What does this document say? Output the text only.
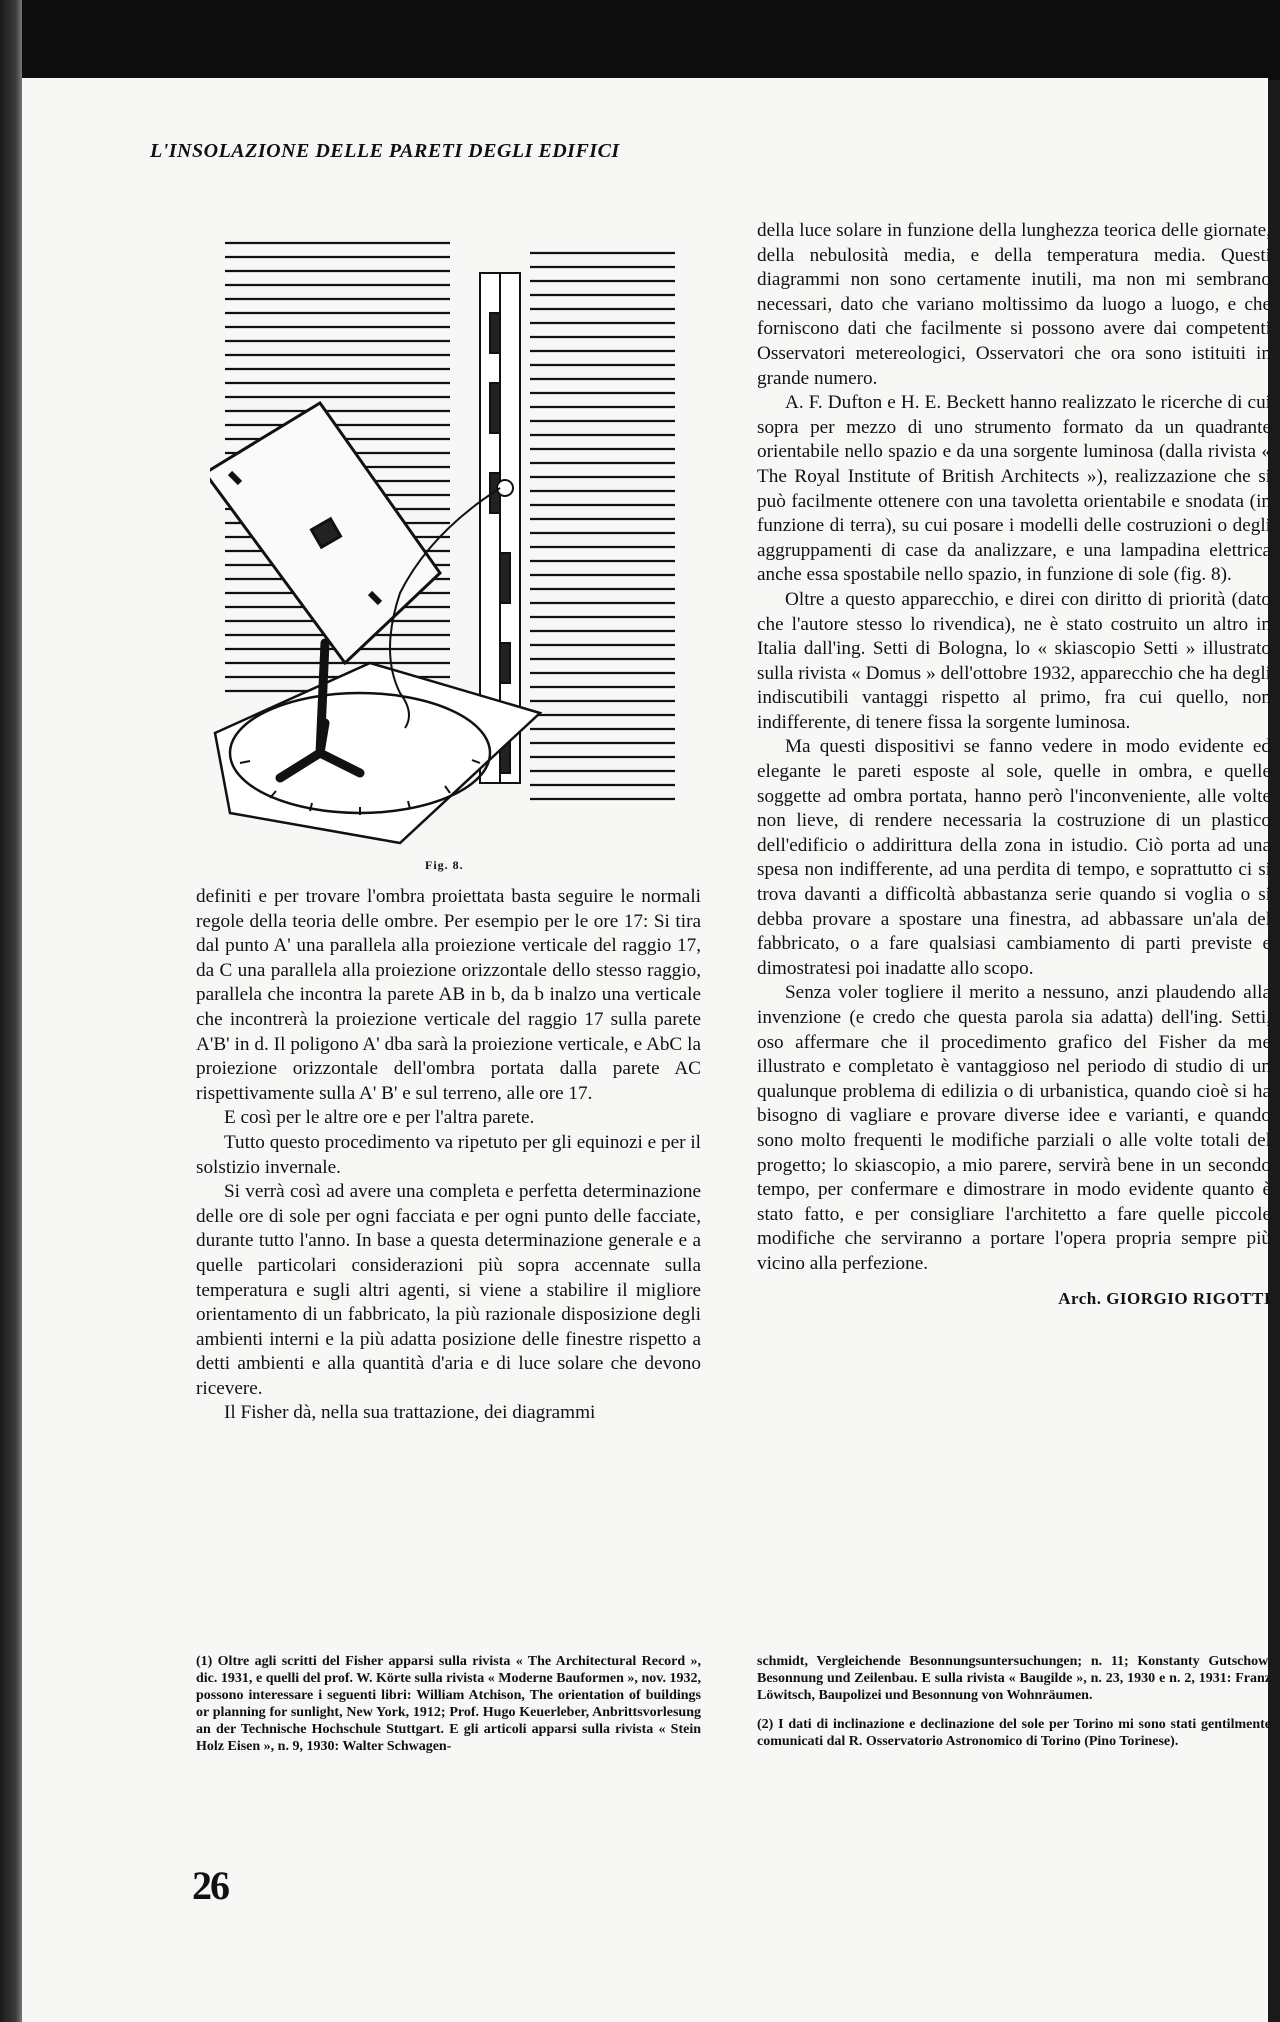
L'INSOLAZIONE DELLE PARETI DEGLI EDIFICI
Fig. 8.

definiti e per trovare l'ombra proiettata basta seguire le normali regole della teoria delle ombre. Per esempio per le ore 17: Si tira dal punto A' una parallela alla proiezione verticale del raggio 17, da C una parallela alla proiezione orizzontale dello stesso raggio, parallela che incontra la parete AB in b, da b inalzo una verticale che incontrerà la proiezione verticale del raggio 17 sulla parete A'B' in d. Il poligono A' dba sarà la proiezione verticale, e AbC la proiezione orizzontale dell'ombra portata dalla parete AC rispettivamente sulla A' B' e sul terreno, alle ore 17.

E così per le altre ore e per l'altra parete.

Tutto questo procedimento va ripetuto per gli equinozi e per il solstizio invernale.

Si verrà così ad avere una completa e perfetta determinazione delle ore di sole per ogni facciata e per ogni punto delle facciate, durante tutto l'anno. In base a questa determinazione generale e a quelle particolari considerazioni più sopra accennate sulla temperatura e sugli altri agenti, si viene a stabilire il migliore orientamento di un fabbricato, la più razionale disposizione degli ambienti interni e la più adatta posizione delle finestre rispetto a detti ambienti e alla quantità d'aria e di luce solare che devono ricevere.

Il Fisher dà, nella sua trattazione, dei diagrammi

della luce solare in funzione della lunghezza teorica delle giornate, della nebulosità media, e della temperatura media. Questi diagrammi non sono certamente inutili, ma non mi sembrano necessari, dato che variano moltissimo da luogo a luogo, e che forniscono dati che facilmente si possono avere dai competenti Osservatori metereologici, Osservatori che ora sono istituiti in grande numero.

A. F. Dufton e H. E. Beckett hanno realizzato le ricerche di cui sopra per mezzo di uno strumento formato da un quadrante orientabile nello spazio e da una sorgente luminosa (dalla rivista « The Royal Institute of British Architects »), realizzazione che si può facilmente ottenere con una tavoletta orientabile e snodata (in funzione di terra), su cui posare i modelli delle costruzioni o degli aggruppamenti di case da analizzare, e una lampadina elettrica anche essa spostabile nello spazio, in funzione di sole (fig. 8).

Oltre a questo apparecchio, e direi con diritto di priorità (dato che l'autore stesso lo rivendica), ne è stato costruito un altro in Italia dall'ing. Setti di Bologna, lo « skiascopio Setti » illustrato sulla rivista « Domus » dell'ottobre 1932, apparecchio che ha degli indiscutibili vantaggi rispetto al primo, fra cui quello, non indifferente, di tenere fissa la sorgente luminosa.

Ma questi dispositivi se fanno vedere in modo evidente ed elegante le pareti esposte al sole, quelle in ombra, e quelle soggette ad ombra portata, hanno però l'inconveniente, alle volte non lieve, di rendere necessaria la costruzione di un plastico dell'edificio o addirittura della zona in istudio. Ciò porta ad una spesa non indifferente, ad una perdita di tempo, e soprattutto ci si trova davanti a difficoltà abbastanza serie quando si voglia o si debba provare a spostare una finestra, ad abbassare un'ala del fabbricato, o a fare qualsiasi cambiamento di parti previste e dimostratesi poi inadatte allo scopo.

Senza voler togliere il merito a nessuno, anzi plaudendo alla invenzione (e credo che questa parola sia adatta) dell'ing. Setti, oso affermare che il procedimento grafico del Fisher da me illustrato e completato è vantaggioso nel periodo di studio di un qualunque problema di edilizia o di urbanistica, quando cioè si ha bisogno di vagliare e provare diverse idee e varianti, e quando sono molto frequenti le modifiche parziali o alle volte totali del progetto; lo skiascopio, a mio parere, servirà bene in un secondo tempo, per confermare e dimostrare in modo evidente quanto è stato fatto, e per consigliare l'architetto a fare quelle piccole modifiche che serviranno a portare l'opera propria sempre più vicino alla perfezione.

Arch. GIORGIO RIGOTTI

(1) Oltre agli scritti del Fisher apparsi sulla rivista « The Architectural Record », dic. 1931, e quelli del prof. W. Körte sulla rivista « Moderne Bauformen », nov. 1932, possono interessare i seguenti libri: William Atchison, The orientation of buildings or planning for sunlight, New York, 1912; Prof. Hugo Keuerleber, Anbrittsvorlesung an der Technische Hochschule Stuttgart. E gli articoli apparsi sulla rivista « Stein Holz Eisen », n. 9, 1930: Walter Schwagen-

schmidt, Vergleichende Besonnungsuntersuchungen; n. 11; Konstanty Gutschow, Besonnung und Zeilenbau. E sulla rivista « Baugilde », n. 23, 1930 e n. 2, 1931: Franz Löwitsch, Baupolizei und Besonnung von Wohnräumen.

(2) I dati di inclinazione e declinazione del sole per Torino mi sono stati gentilmente comunicati dal R. Osservatorio Astronomico di Torino (Pino Torinese).

26
